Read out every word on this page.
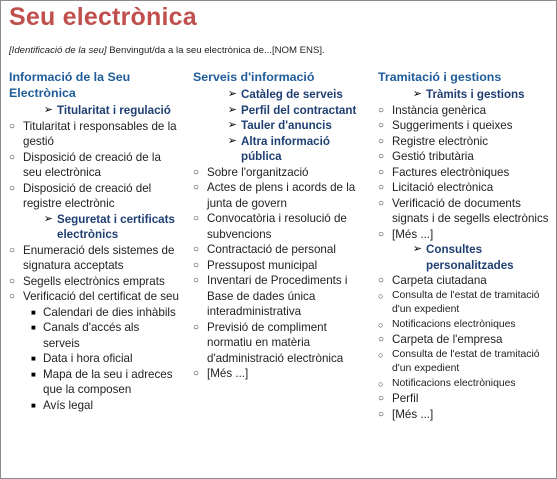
Seu electrònica
[Identificació de la seu] Benvingut/da a la seu electrònica de...[NOM ENS].
Informació de la Seu Electrònica
➢ Titularitat i regulació
○ Titularitat i responsables de la gestió
○ Disposició de creació de la seu electrònica
○ Disposició de creació del registre electrònic
➢ Seguretat i certificats electrònics
○ Enumeració dels sistemes de signatura acceptats
○ Segells electrònics emprats
○ Verificació del certificat de seu
■ Calendari de dies inhàbils
■ Canals d'accés als serveis
■ Data i hora oficial
■ Mapa de la seu i adreces que la composen
■ Avís legal
Serveis d'informació
➢ Catàleg de serveis
➢ Perfil del contractant
➢ Tauler d'anuncis
➢ Altra informació pública
○ Sobre l'organització
○ Actes de plens i acords de la junta de govern
○ Convocatòria i resolució de subvencions
○ Contractació de personal
○ Pressupost municipal
○ Inventari de Procediments i Base de dades única interadministrativa
○ Previsió de compliment normatiu en matèria d'administració electrònica
○ [Més ...]
Tramitació i gestions
➢ Tràmits i gestions
○ Instància genèrica
○ Suggeriments i queixes
○ Registre electrònic
○ Gestió tributària
○ Factures electròniques
○ Licitació electrònica
○ Verificació de documents signats i de segells electrònics
○ [Més ...]
➢ Consultes personalitzades
○ Carpeta ciutadana
○ Consulta de l'estat de tramitació d'un expedient
○ Notificacions electròniques
○ Carpeta de l'empresa
○ Consulta de l'estat de tramitació d'un expedient
○ Notificacions electròniques
○ Perfil
○ [Més ...]
